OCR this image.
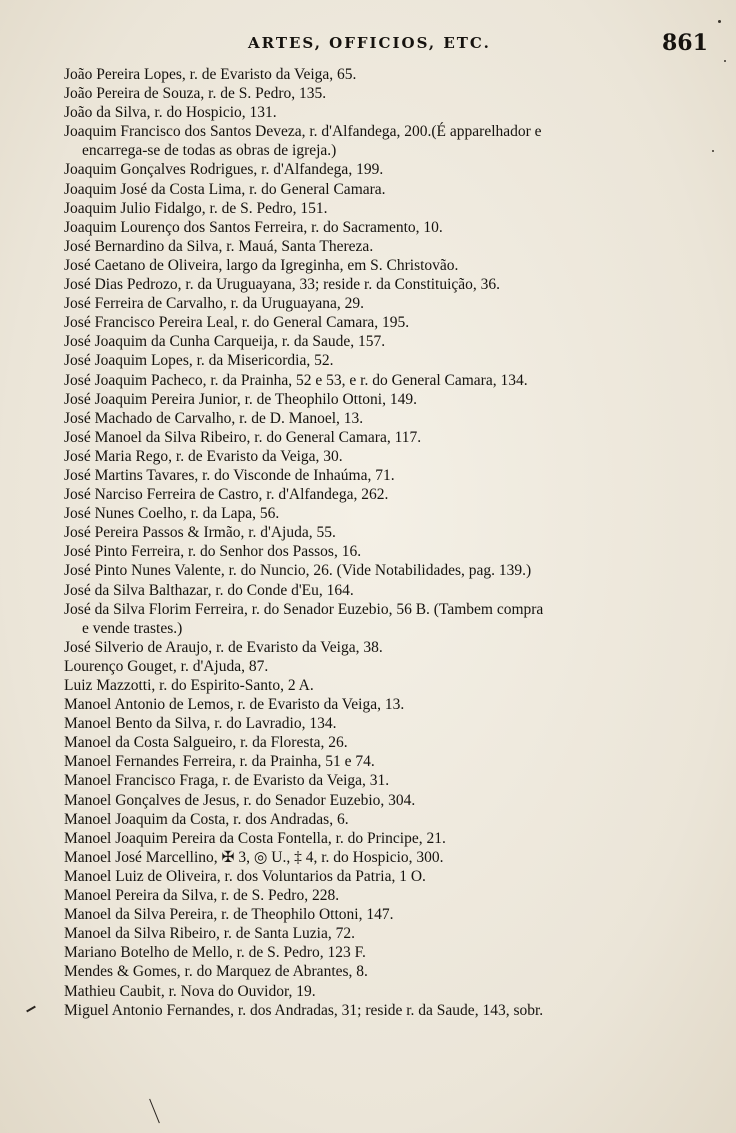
ARTES, OFFICIOS, ETC.	861
João Pereira Lopes, r. de Evaristo da Veiga, 65.
João Pereira de Souza, r. de S. Pedro, 135.
João da Silva, r. do Hospicio, 131.
Joaquim Francisco dos Santos Deveza, r. d'Alfandega, 200.(É apparelhador e
encarrega-se de todas as obras de igreja.)
Joaquim Gonçalves Rodrigues, r. d'Alfandega, 199.
Joaquim José da Costa Lima, r. do General Camara.
Joaquim Julio Fidalgo, r. de S. Pedro, 151.
Joaquim Lourenço dos Santos Ferreira, r. do Sacramento, 10.
José Bernardino da Silva, r. Mauá, Santa Thereza.
José Caetano de Oliveira, largo da Igreginha, em S. Christovão.
José Dias Pedrozo, r. da Uruguayana, 33; reside r. da Constituição, 36.
José Ferreira de Carvalho, r. da Uruguayana, 29.
José Francisco Pereira Leal, r. do General Camara, 195.
José Joaquim da Cunha Carqueija, r. da Saude, 157.
José Joaquim Lopes, r. da Misericordia, 52.
José Joaquim Pacheco, r. da Prainha, 52 e 53, e r. do General Camara, 134.
José Joaquim Pereira Junior, r. de Theophilo Ottoni, 149.
José Machado de Carvalho, r. de D. Manoel, 13.
José Manoel da Silva Ribeiro, r. do General Camara, 117.
José Maria Rego, r. de Evaristo da Veiga, 30.
José Martins Tavares, r. do Visconde de Inhaúma, 71.
José Narciso Ferreira de Castro, r. d'Alfandega, 262.
José Nunes Coelho, r. da Lapa, 56.
José Pereira Passos & Irmão, r. d'Ajuda, 55.
José Pinto Ferreira, r. do Senhor dos Passos, 16.
José Pinto Nunes Valente, r. do Nuncio, 26. (Vide Notabilidades, pag. 139.)
José da Silva Balthazar, r. do Conde d'Eu, 164.
José da Silva Florim Ferreira, r. do Senador Euzebio, 56 B. (Tambem compra
e vende trastes.)
José Silverio de Araujo, r. de Evaristo da Veiga, 38.
Lourenço Gouget, r. d'Ajuda, 87.
Luiz Mazzotti, r. do Espirito-Santo, 2 A.
Manoel Antonio de Lemos, r. de Evaristo da Veiga, 13.
Manoel Bento da Silva, r. do Lavradio, 134.
Manoel da Costa Salgueiro, r. da Floresta, 26.
Manoel Fernandes Ferreira, r. da Prainha, 51 e 74.
Manoel Francisco Fraga, r. de Evaristo da Veiga, 31.
Manoel Gonçalves de Jesus, r. do Senador Euzebio, 304.
Manoel Joaquim da Costa, r. dos Andradas, 6.
Manoel Joaquim Pereira da Costa Fontella, r. do Principe, 21.
Manoel José Marcellino, ✠ 3, ◎ U., ‡ 4, r. do Hospicio, 300.
Manoel Luiz de Oliveira, r. dos Voluntarios da Patria, 1 O.
Manoel Pereira da Silva, r. de S. Pedro, 228.
Manoel da Silva Pereira, r. de Theophilo Ottoni, 147.
Manoel da Silva Ribeiro, r. de Santa Luzia, 72.
Mariano Botelho de Mello, r. de S. Pedro, 123 F.
Mendes & Gomes, r. do Marquez de Abrantes, 8.
Mathieu Caubit, r. Nova do Ouvidor, 19.
Miguel Antonio Fernandes, r. dos Andradas, 31; reside r. da Saude, 143, sobr.
